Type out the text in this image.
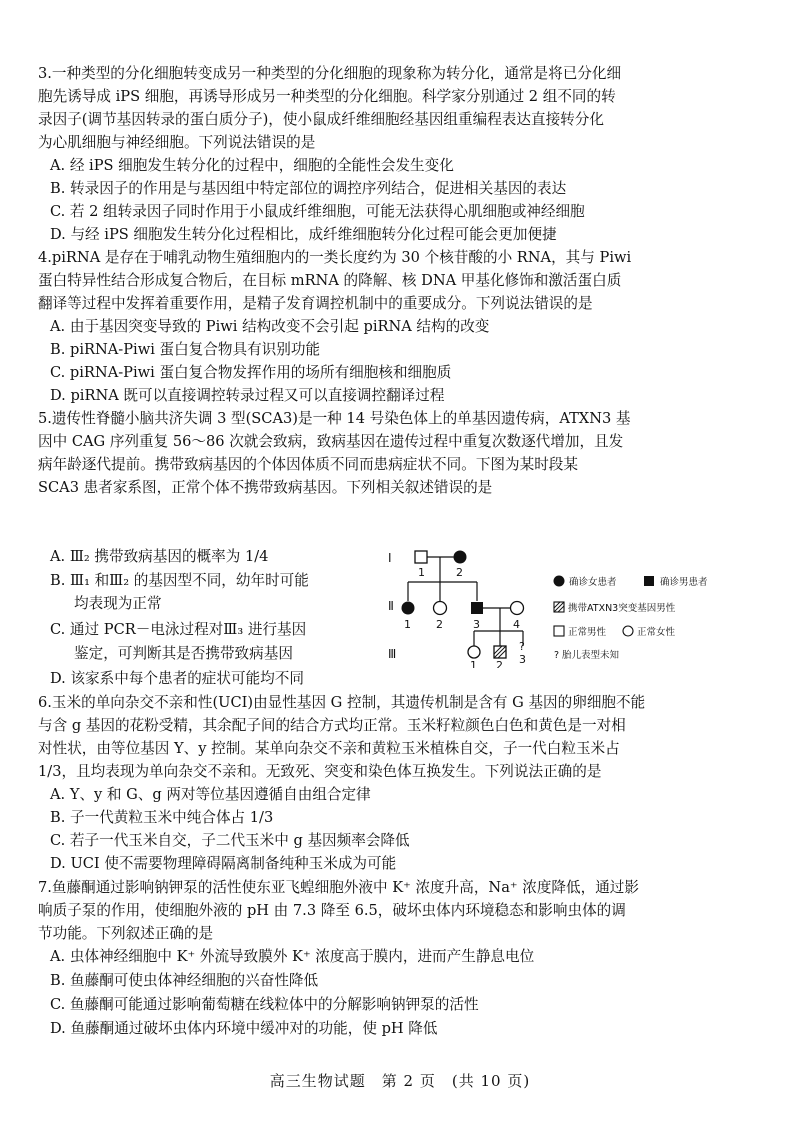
3.一种类型的分化细胞转变成另一种类型的分化细胞的现象称为转分化，通常是将已分化细
胞先诱导成 iPS 细胞，再诱导形成另一种类型的分化细胞。科学家分别通过 2 组不同的转
录因子(调节基因转录的蛋白质分子)，使小鼠成纤维细胞经基因组重编程表达直接转分化
为心肌细胞与神经细胞。下列说法错误的是
A. 经 iPS 细胞发生转分化的过程中，细胞的全能性会发生变化
B. 转录因子的作用是与基因组中特定部位的调控序列结合，促进相关基因的表达
C. 若 2 组转录因子同时作用于小鼠成纤维细胞，可能无法获得心肌细胞或神经细胞
D. 与经 iPS 细胞发生转分化过程相比，成纤维细胞转分化过程可能会更加便捷
4.piRNA 是存在于哺乳动物生殖细胞内的一类长度约为 30 个核苷酸的小 RNA，其与 Piwi
蛋白特异性结合形成复合物后，在目标 mRNA 的降解、核 DNA 甲基化修饰和激活蛋白质
翻译等过程中发挥着重要作用，是精子发育调控机制中的重要成分。下列说法错误的是
A. 由于基因突变导致的 Piwi 结构改变不会引起 piRNA 结构的改变
B. piRNA-Piwi 蛋白复合物具有识别功能
C. piRNA-Piwi 蛋白复合物发挥作用的场所有细胞核和细胞质
D. piRNA 既可以直接调控转录过程又可以直接调控翻译过程
5.遗传性脊髓小脑共济失调 3 型(SCA3)是一种 14 号染色体上的单基因遗传病，ATXN3 基
因中 CAG 序列重复 56～86 次就会致病，致病基因在遗传过程中重复次数逐代增加，且发
病年龄逐代提前。携带致病基因的个体因体质不同而患病症状不同。下图为某时段某
SCA3 患者家系图，正常个体不携带致病基因。下列相关叙述错误的是
A. Ⅲ₂ 携带致病基因的概率为 1/4
B. Ⅲ₁ 和Ⅲ₂ 的基因型不同，幼年时可能
均表现为正常
C. 通过 PCR－电泳过程对Ⅲ₃ 进行基因
鉴定，可判断其是否携带致病基因
D. 该家系中每个患者的症状可能均不同
Ⅰ
Ⅱ
Ⅲ
1	2
1 2	3	4
?
1 2 3
确诊女患者	确诊男患者
携带ATXN3突变基因男性
正常男性	正常女性
? 胎儿表型未知
6.玉米的单向杂交不亲和性(UCI)由显性基因 G 控制，其遗传机制是含有 G 基因的卵细胞不能
与含 g 基因的花粉受精，其余配子间的结合方式均正常。玉米籽粒颜色白色和黄色是一对相
对性状，由等位基因 Y、y 控制。某单向杂交不亲和黄粒玉米植株自交，子一代白粒玉米占
1/3，且均表现为单向杂交不亲和。无致死、突变和染色体互换发生。下列说法正确的是
A. Y、y 和 G、g 两对等位基因遵循自由组合定律
B. 子一代黄粒玉米中纯合体占 1/3
C. 若子一代玉米自交，子二代玉米中 g 基因频率会降低
D. UCI 使不需要物理障碍隔离制备纯种玉米成为可能
7.鱼藤酮通过影响钠钾泵的活性使东亚飞蝗细胞外液中 K⁺ 浓度升高，Na⁺ 浓度降低，通过影
响质子泵的作用，使细胞外液的 pH 由 7.3 降至 6.5，破坏虫体内环境稳态和影响虫体的调
节功能。下列叙述正确的是
A. 虫体神经细胞中 K⁺ 外流导致膜外 K⁺ 浓度高于膜内，进而产生静息电位
B. 鱼藤酮可使虫体神经细胞的兴奋性降低
C. 鱼藤酮可能通过影响葡萄糖在线粒体中的分解影响钠钾泵的活性
D. 鱼藤酮通过破坏虫体内环境中缓冲对的功能，使 pH 降低
高三生物试题　第 2 页　(共 10 页)
